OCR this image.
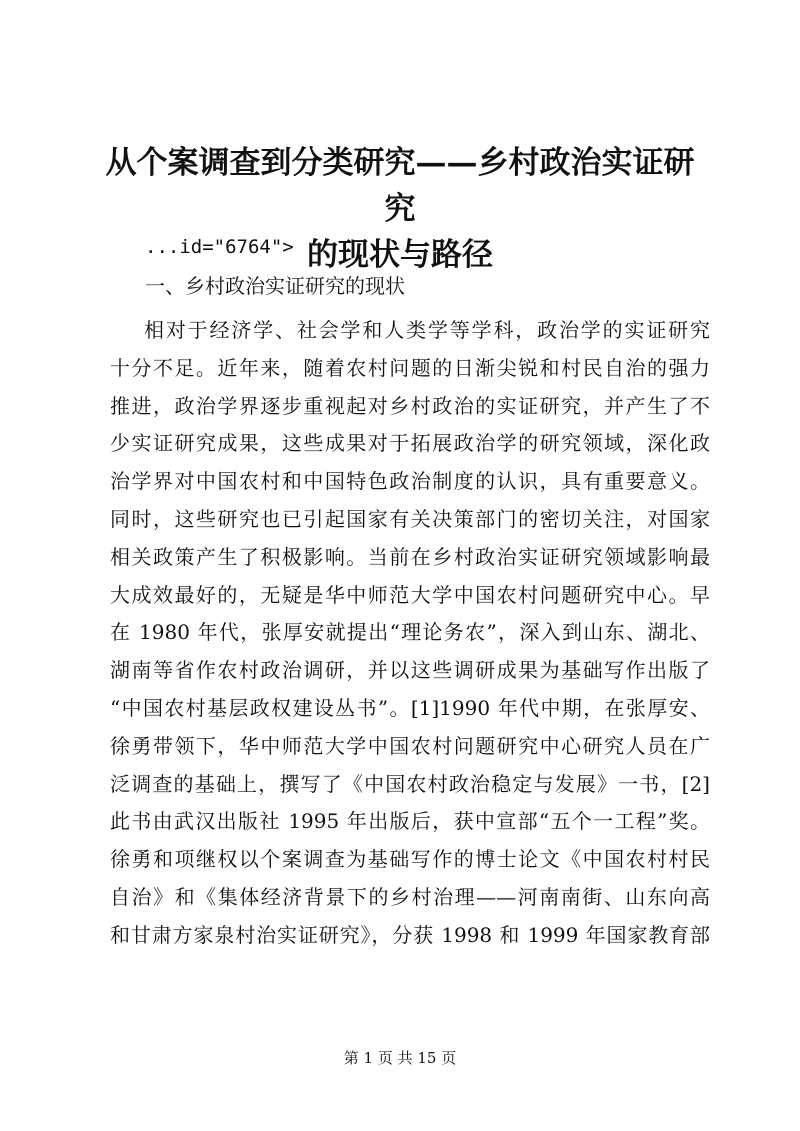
从个案调查到分类研究——乡村政治实证研究
的现状与路径

...id="6764">

一、乡村政治实证研究的现状

相对于经济学、社会学和人类学等学科，政治学的实证研究
十分不足。近年来，随着农村问题的日渐尖锐和村民自治的强力
推进，政治学界逐步重视起对乡村政治的实证研究，并产生了不
少实证研究成果，这些成果对于拓展政治学的研究领域，深化政
治学界对中国农村和中国特色政治制度的认识，具有重要意义。
同时，这些研究也已引起国家有关决策部门的密切关注，对国家
相关政策产生了积极影响。当前在乡村政治实证研究领域影响最
大成效最好的，无疑是华中师范大学中国农村问题研究中心。早
在 1980 年代，张厚安就提出“理论务农”，深入到山东、湖北、
湖南等省作农村政治调研，并以这些调研成果为基础写作出版了
“中国农村基层政权建设丛书”。[1]1990 年代中期，在张厚安、
徐勇带领下，华中师范大学中国农村问题研究中心研究人员在广
泛调查的基础上，撰写了《中国农村政治稳定与发展》一书，[2]
此书由武汉出版社 1995 年出版后，获中宣部“五个一工程”奖。
徐勇和项继权以个案调查为基础写作的博士论文《中国农村村民
自治》和《集体经济背景下的乡村治理——河南南街、山东向高
和甘肃方家泉村治实证研究》，分获 1998 和 1999 年国家教育部

第 1 页 共 15 页
